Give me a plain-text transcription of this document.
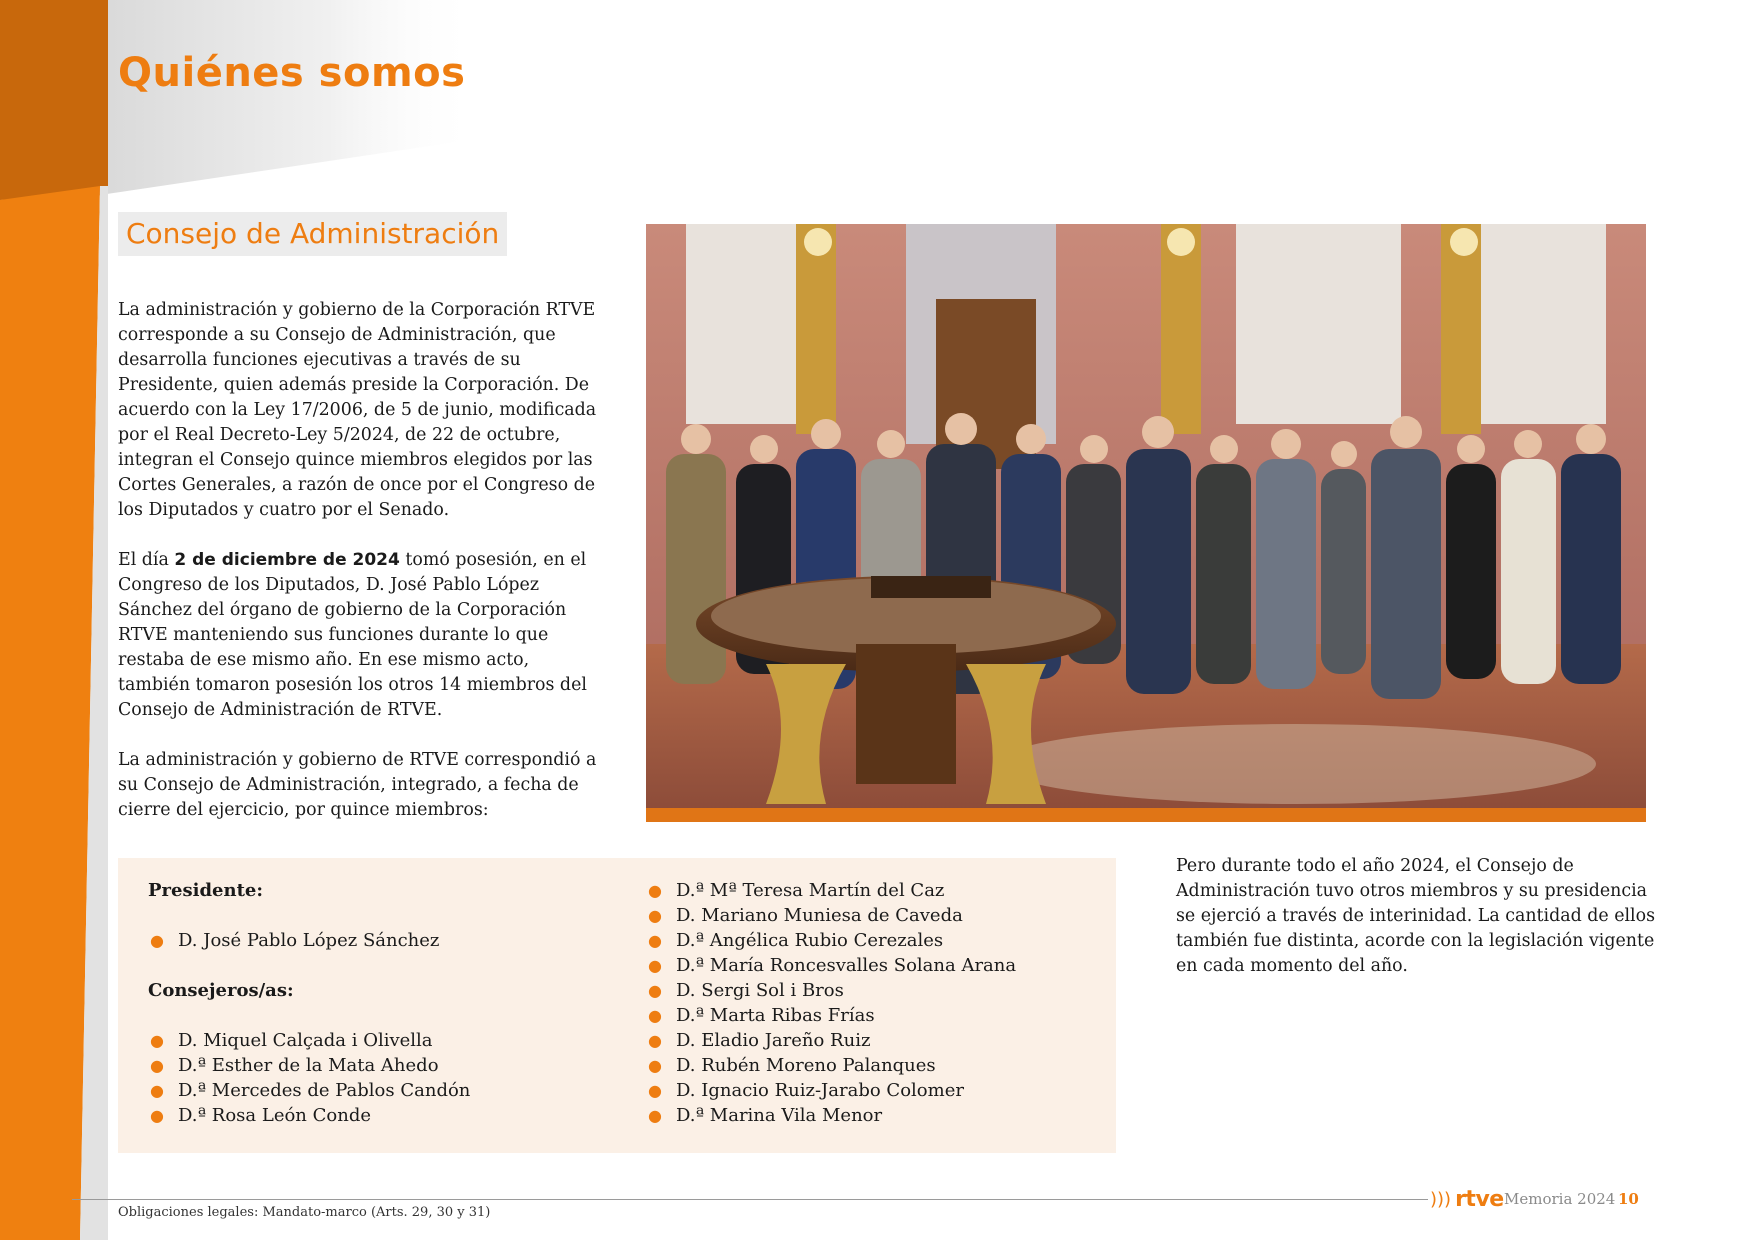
Quiénes somos
Consejo de Administración

La administración y gobierno de la Corporación RTVE corresponde a su Consejo de Administración, que desarrolla funciones ejecutivas a través de su Presidente, quien además preside la Corporación. De acuerdo con la Ley 17/2006, de 5 de junio, modificada por el Real Decreto-Ley 5/2024, de 22 de octubre, integran el Consejo quince miembros elegidos por las Cortes Generales, a razón de once por el Congreso de los Diputados y cuatro por el Senado.

El día 2 de diciembre de 2024 tomó posesión, en el Congreso de los Diputados, D. José Pablo López Sánchez del órgano de gobierno de la Corporación RTVE manteniendo sus funciones durante lo que restaba de ese mismo año. En ese mismo acto, también tomaron posesión los otros 14 miembros del Consejo de Administración de RTVE.

La administración y gobierno de RTVE correspondió a su Consejo de Administración, integrado, a fecha de cierre del ejercicio, por quince miembros:

Presidente:
● D. José Pablo López Sánchez
Consejeros/as:
● D. Miquel Calçada i Olivella
● D.ª Esther de la Mata Ahedo
● D.ª Mercedes de Pablos Candón
● D.ª Rosa León Conde
● D.ª Mª Teresa Martín del Caz
● D. Mariano Muniesa de Caveda
● D.ª Angélica Rubio Cerezales
● D.ª María Roncesvalles Solana Arana
● D. Sergi Sol i Bros
● D.ª Marta Ribas Frías
● D. Eladio Jareño Ruiz
● D. Rubén Moreno Palanques
● D. Ignacio Ruiz-Jarabo Colomer
● D.ª Marina Vila Menor

Pero durante todo el año 2024, el Consejo de Administración tuvo otros miembros y su presidencia se ejerció a través de interinidad. La cantidad de ellos también fue distinta, acorde con la legislación vigente en cada momento del año.

Obligaciones legales: Mandato-marco (Arts. 29, 30 y 31)
))) rtve Memoria 2024 10
